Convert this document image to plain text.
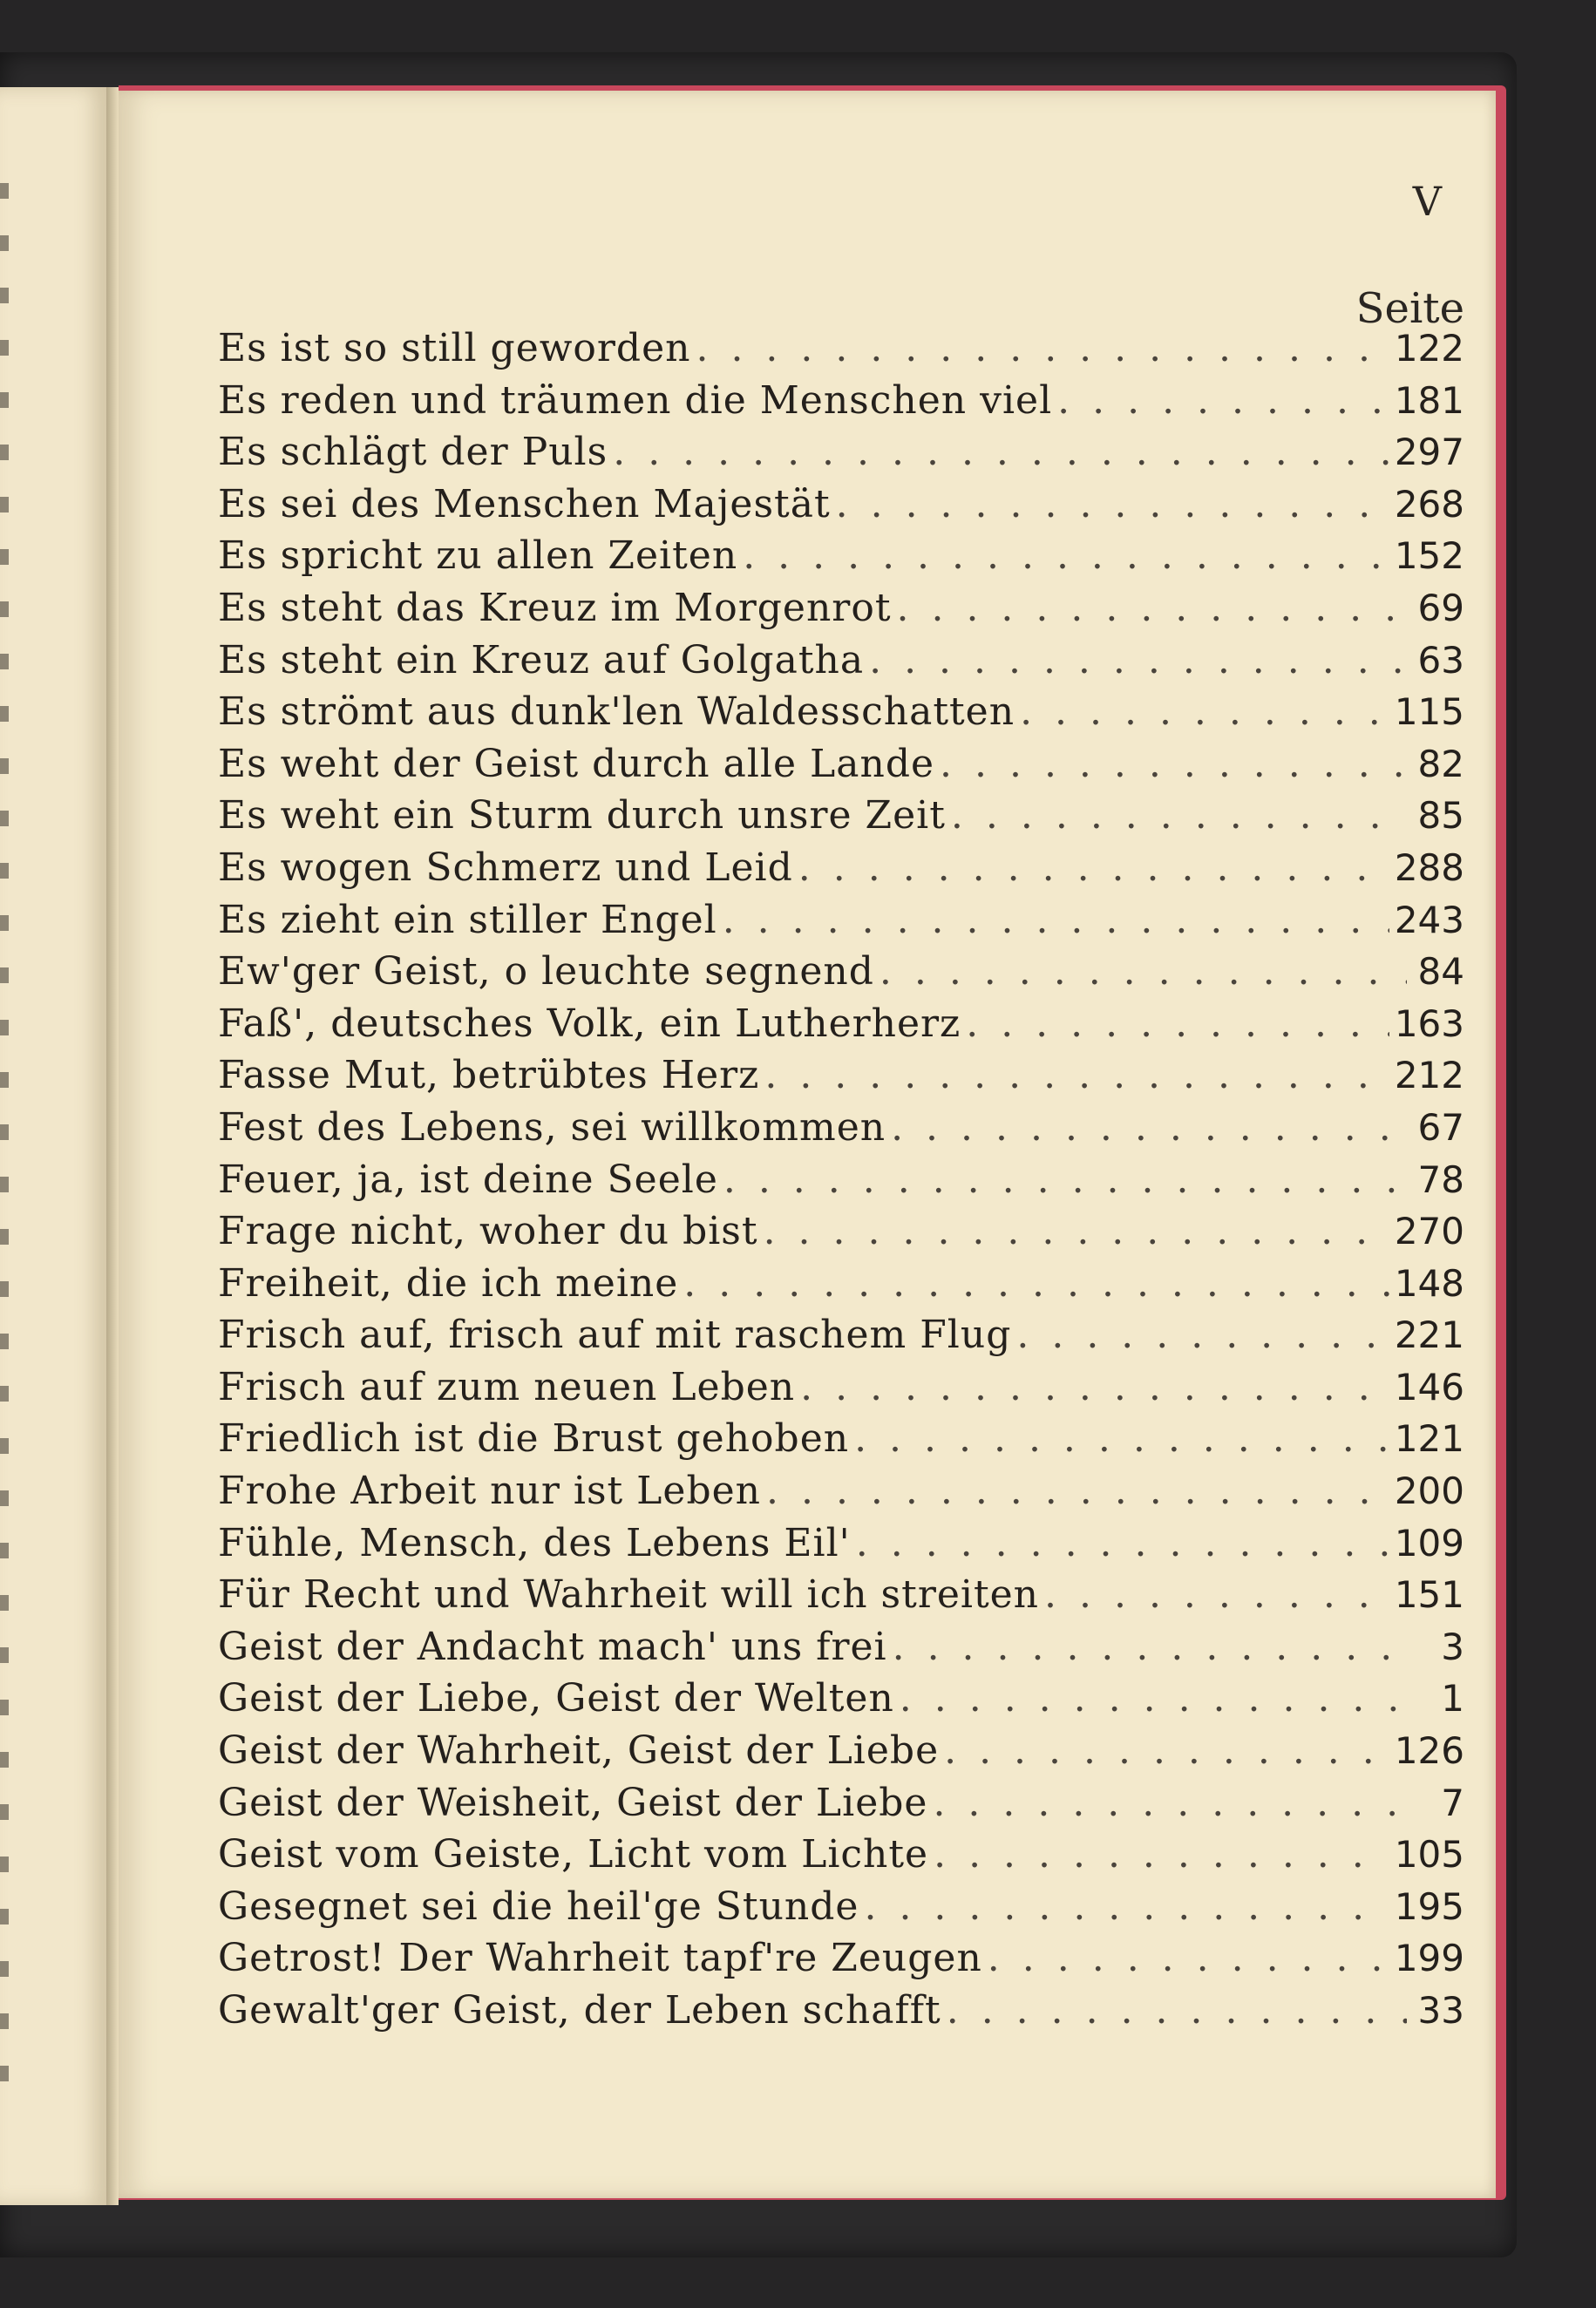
V
Seite
Es ist so still geworden . . .	122
Es reden und träumen die Menschen viel . . .	181
Es schlägt der Puls . . .	297
Es sei des Menschen Majestät . . .	268
Es spricht zu allen Zeiten . . .	152
Es steht das Kreuz im Morgenrot . . .	69
Es steht ein Kreuz auf Golgatha . . .	63
Es strömt aus dunk'len Waldesschatten . . .	115
Es weht der Geist durch alle Lande . . .	82
Es weht ein Sturm durch unsre Zeit . . .	85
Es wogen Schmerz und Leid . . .	288
Es zieht ein stiller Engel . . .	243
Ew'ger Geist, o leuchte segnend . . .	84
Faß', deutsches Volk, ein Lutherherz . . .	163
Fasse Mut, betrübtes Herz . . .	212
Fest des Lebens, sei willkommen . . .	67
Feuer, ja, ist deine Seele . . .	78
Frage nicht, woher du bist . . .	270
Freiheit, die ich meine . . .	148
Frisch auf, frisch auf mit raschem Flug . . .	221
Frisch auf zum neuen Leben . . .	146
Friedlich ist die Brust gehoben . . .	121
Frohe Arbeit nur ist Leben . . .	200
Fühle, Mensch, des Lebens Eil' . . .	109
Für Recht und Wahrheit will ich streiten . . .	151
Geist der Andacht mach' uns frei . . .	3
Geist der Liebe, Geist der Welten . . .	1
Geist der Wahrheit, Geist der Liebe . . .	126
Geist der Weisheit, Geist der Liebe . . .	7
Geist vom Geiste, Licht vom Lichte . . .	105
Gesegnet sei die heil'ge Stunde . . .	195
Getrost! Der Wahrheit tapf're Zeugen . . .	199
Gewalt'ger Geist, der Leben schafft . . .	33
